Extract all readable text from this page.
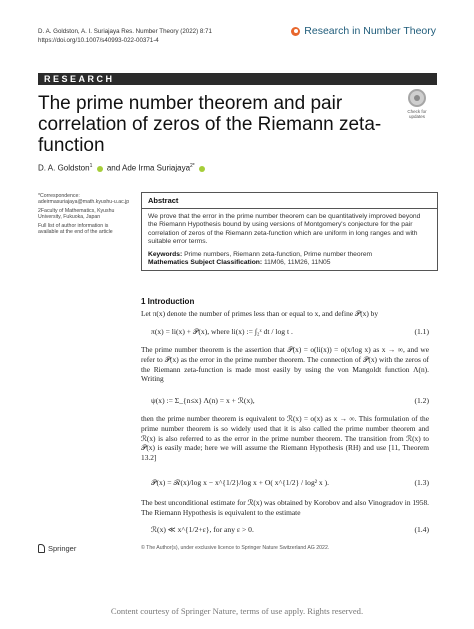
D. A. Goldston, A. I. Suriajaya Res. Number Theory (2022) 8:71
https://doi.org/10.1007/s40993-022-00371-4
Research in Number Theory
RESEARCH
The prime number theorem and pair correlation of zeros of the Riemann zeta-function
Check for updates
D. A. Goldston$^1$ and Ade Irma Suriajaya$^{2*}$

*Correspondence: adeirmasuriajaya@math.kyushu-u.ac.jp

2Faculty of Mathematics, Kyushu University, Fukuoka, Japan

Full list of author information is available at the end of the article

Abstract
We prove that the error in the prime number theorem can be quantitatively improved beyond the Riemann Hypothesis bound by using versions of Montgomery's conjecture for the pair correlation of zeros of the Riemann zeta-function which are uniform in long ranges and with suitable error terms.
Keywords: Prime numbers, Riemann zeta-function, Prime number theorem
Mathematics Subject Classification: 11M06, 11M26, 11N05
1 Introduction
Let π(x) denote the number of primes less than or equal to x, and define 𝒫(x) by
π(x) = li(x) + 𝒫(x), where li(x) := ∫₂ˣ dt / log t .	(1.1)
The prime number theorem is the assertion that 𝒫(x) = o(li(x)) = o(x/log x) as x → ∞, and we refer to 𝒫(x) as the error in the prime number theorem. The connection of 𝒫(x) with the zeros of the Riemann zeta-function is made most easily by using the von Mangoldt function Λ(n). Writing
ψ(x) := Σ_{n≤x} Λ(n) = x + ℛ(x),	(1.2)
then the prime number theorem is equivalent to ℛ(x) = o(x) as x → ∞. This formulation of the prime number theorem is so widely used that it is also called the prime number theorem and ℛ(x) is also referred to as the error in the prime number theorem. The transition from ℛ(x) to 𝒫(x) is easily made; here we will assume the Riemann Hypothesis (RH) and use [11, Theorem 13.2]
𝒫(x) = ℛ(x)/log x − x^{1/2}/log x + O( x^{1/2} / log² x ).	(1.3)
The best unconditional estimate for ℛ(x) was obtained by Korobov and also Vinogradov in 1958. The Riemann Hypothesis is equivalent to the estimate
ℛ(x) ≪ x^{1/2+ε}, for any ε > 0.	(1.4)
Springer	© The Author(s), under exclusive licence to Springer Nature Switzerland AG 2022.
Content courtesy of Springer Nature, terms of use apply. Rights reserved.
